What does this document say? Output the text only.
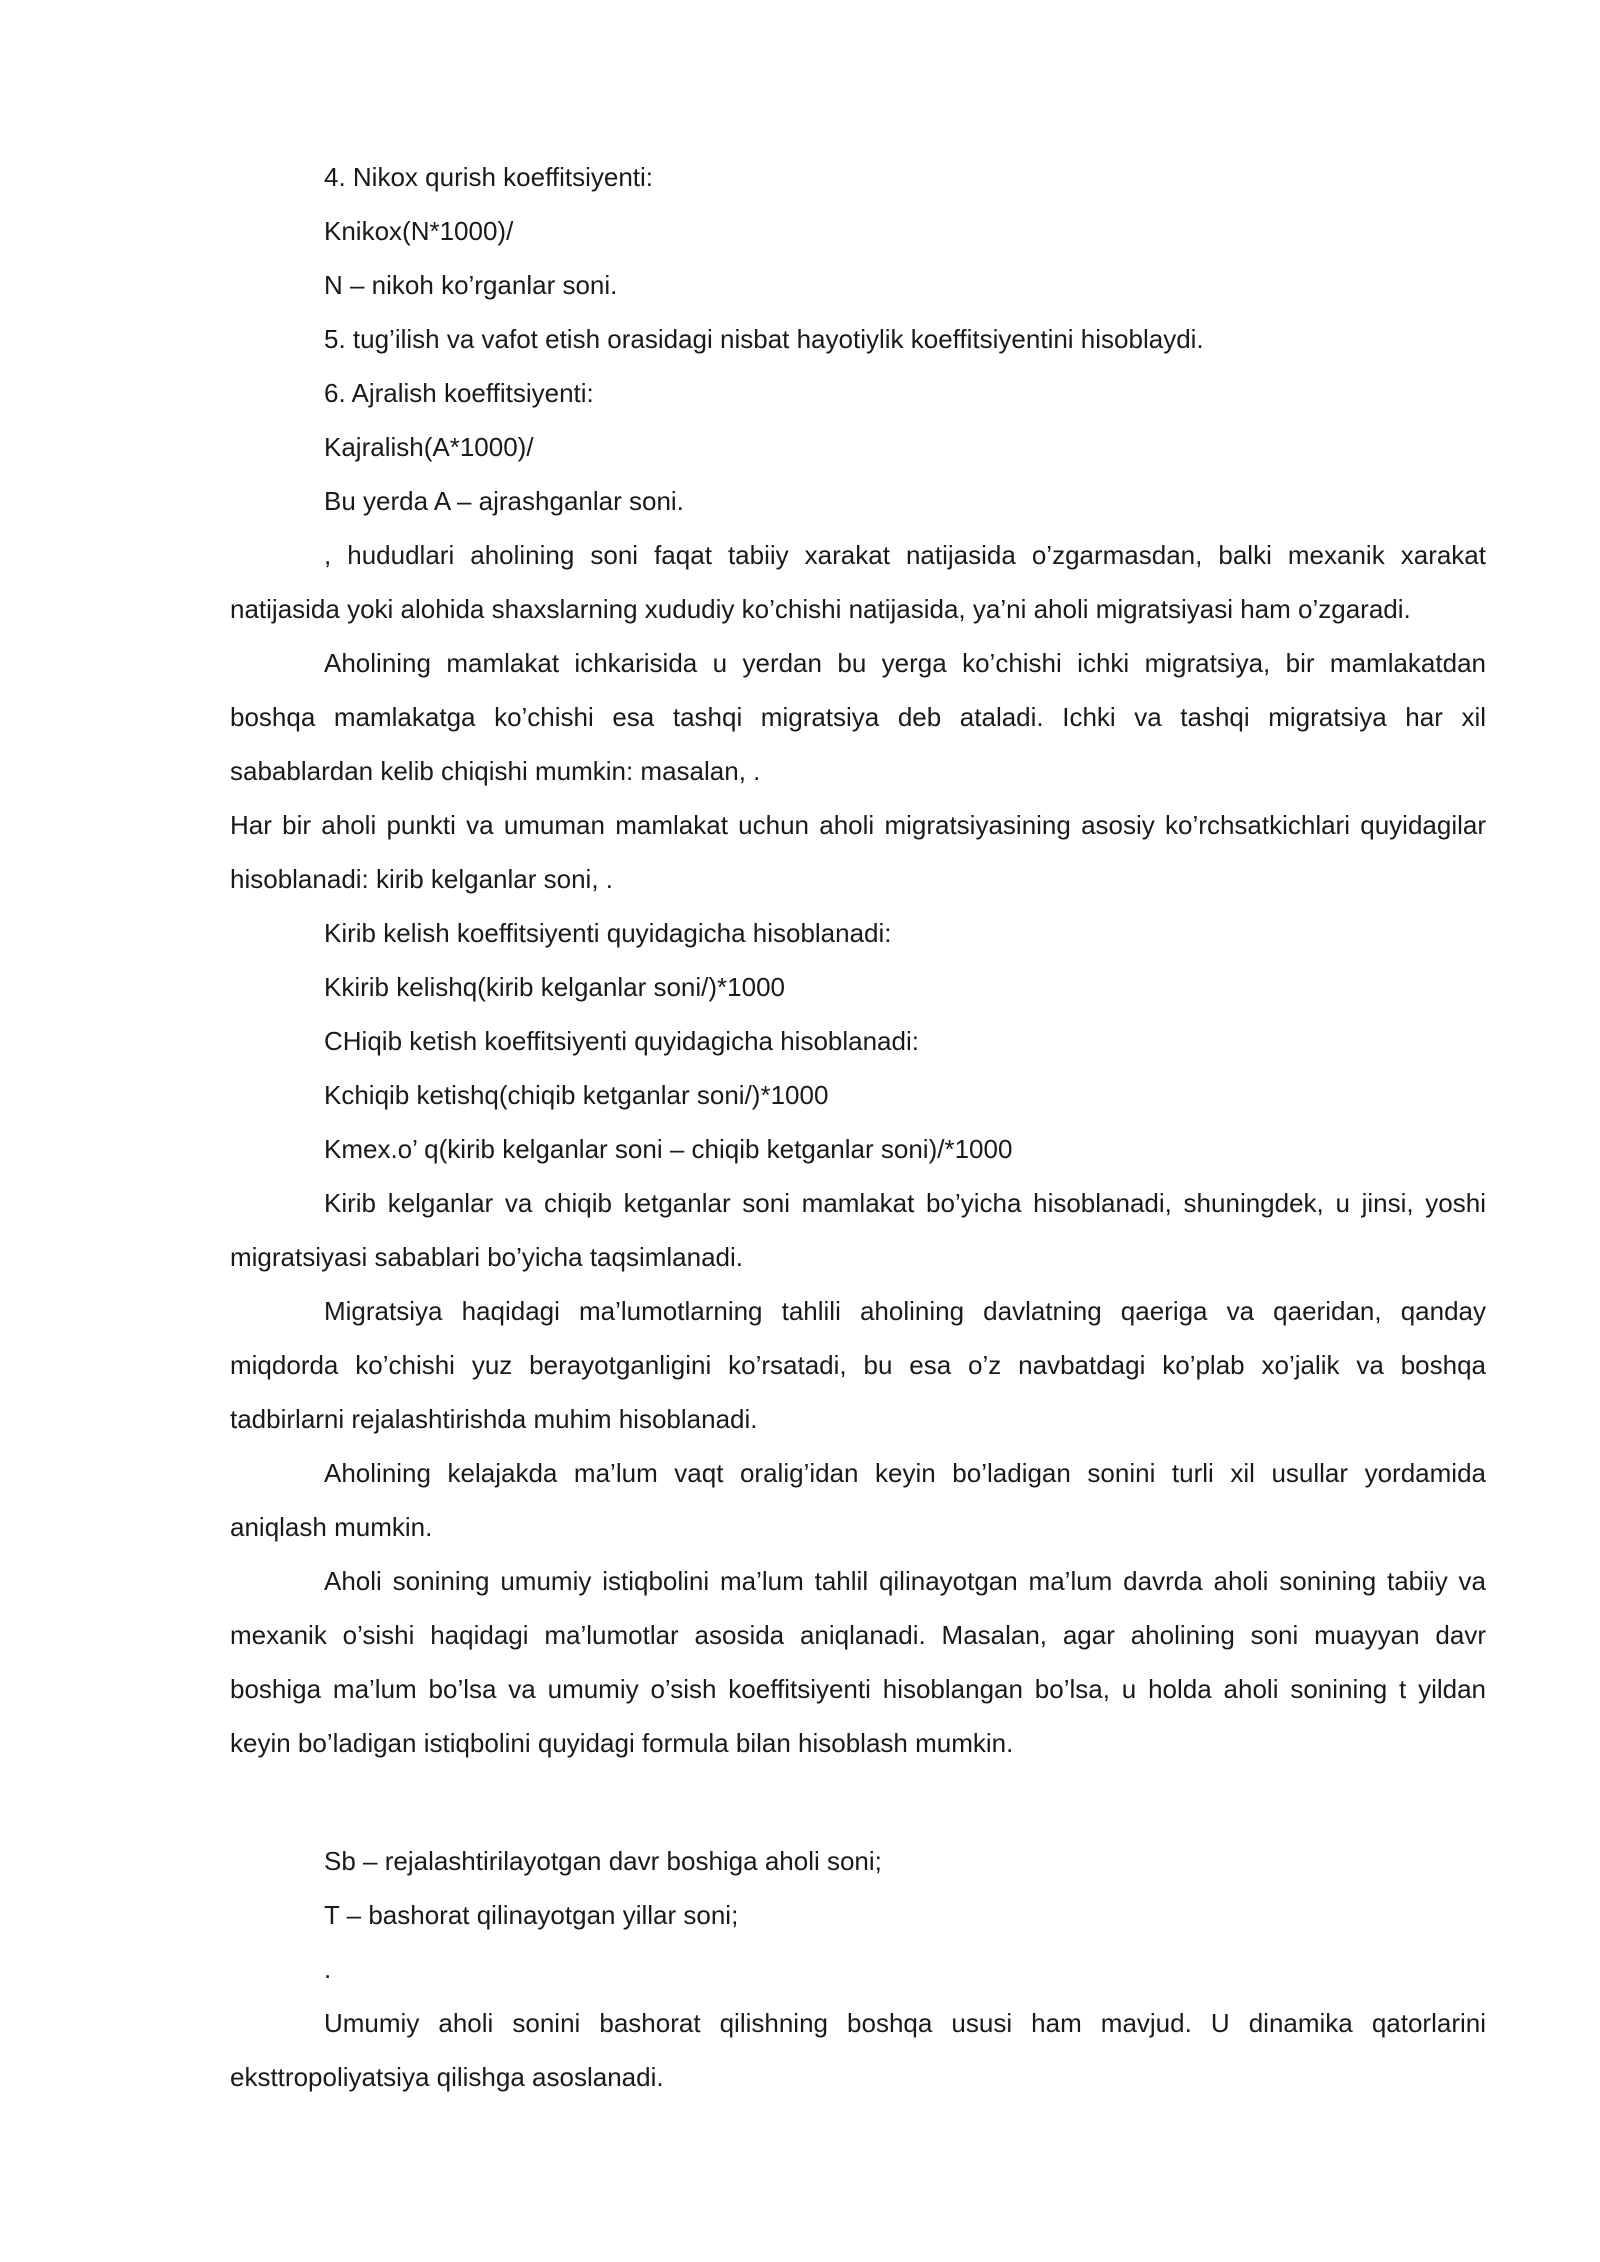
4. Nikox qurish koeffitsiyenti:
Knikox(N*1000)/
N – nikoh ko’rganlar soni.
5. tug’ilish va vafot etish orasidagi nisbat hayotiylik koeffitsiyentini hisoblaydi.
6. Ajralish koeffitsiyenti:
Kajralish(A*1000)/
Bu yerda A – ajrashganlar soni.

, hududlari aholining soni faqat tabiiy xarakat natijasida o’zgarmasdan, balki mexanik xarakat natijasida yoki alohida shaxslarning xududiy ko’chishi natijasida, ya’ni aholi migratsiyasi ham o’zgaradi.

Aholining mamlakat ichkarisida u yerdan bu yerga ko’chishi ichki migratsiya, bir mamlakatdan boshqa mamlakatga ko’chishi esa tashqi migratsiya deb ataladi. Ichki va tashqi migratsiya har xil sabablardan kelib chiqishi mumkin: masalan, .

Har bir aholi punkti va umuman mamlakat uchun aholi migratsiyasining asosiy ko’rchsatkichlari quyidagilar hisoblanadi: kirib kelganlar soni, .

Kirib kelish koeffitsiyenti quyidagicha hisoblanadi:
Kkirib kelishq(kirib kelganlar soni/)*1000
CHiqib ketish koeffitsiyenti quyidagicha hisoblanadi:
Kchiqib ketishq(chiqib ketganlar soni/)*1000
Kmex.o’ q(kirib kelganlar soni – chiqib ketganlar soni)/*1000

Kirib kelganlar va chiqib ketganlar soni mamlakat bo’yicha hisoblanadi, shuningdek, u jinsi, yoshi migratsiyasi sabablari bo’yicha taqsimlanadi.

Migratsiya haqidagi ma’lumotlarning tahlili aholining davlatning qaeriga va qaeridan, qanday miqdorda ko’chishi yuz berayotganligini ko’rsatadi, bu esa o’z navbatdagi ko’plab xo’jalik va boshqa tadbirlarni rejalashtirishda muhim hisoblanadi.

Aholining kelajakda ma’lum vaqt oralig’idan keyin bo’ladigan sonini turli xil usullar yordamida aniqlash mumkin.

Aholi sonining umumiy istiqbolini ma’lum tahlil qilinayotgan ma’lum davrda aholi sonining tabiiy va mexanik o’sishi haqidagi ma’lumotlar asosida aniqlanadi. Masalan, agar aholining soni muayyan davr boshiga ma’lum bo’lsa va umumiy o’sish koeffitsiyenti hisoblangan bo’lsa, u holda aholi sonining t yildan keyin bo’ladigan istiqbolini quyidagi formula bilan hisoblash mumkin.

Sb – rejalashtirilayotgan davr boshiga aholi soni;
T – bashorat qilinayotgan yillar soni;
.

Umumiy aholi sonini bashorat qilishning boshqa ususi ham mavjud. U dinamika qatorlarini eksttropoliyatsiya qilishga asoslanadi.
